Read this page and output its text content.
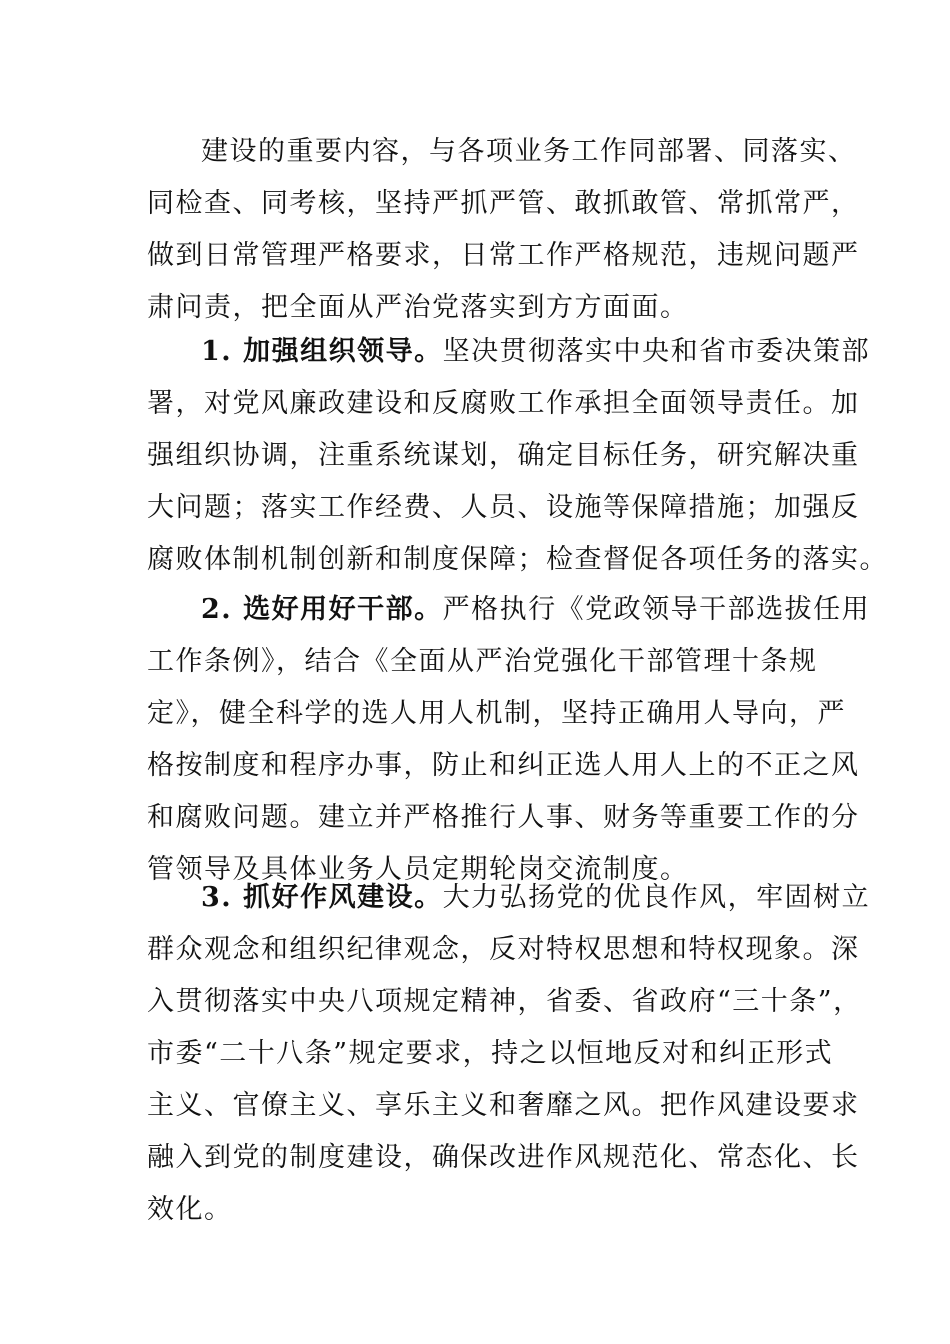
建设的重要内容，与各项业务工作同部署、同落实、
同检查、同考核，坚持严抓严管、敢抓敢管、常抓常严，
做到日常管理严格要求，日常工作严格规范，违规问题严
肃问责，把全面从严治党落实到方方面面。
1. 加强组织领导。坚决贯彻落实中央和省市委决策部
署，对党风廉政建设和反腐败工作承担全面领导责任。加
强组织协调，注重系统谋划，确定目标任务，研究解决重
大问题；落实工作经费、人员、设施等保障措施；加强反
腐败体制机制创新和制度保障；检查督促各项任务的落实。
2. 选好用好干部。严格执行《党政领导干部选拔任用
工作条例》，结合《全面从严治党强化干部管理十条规
定》，健全科学的选人用人机制，坚持正确用人导向，严
格按制度和程序办事，防止和纠正选人用人上的不正之风
和腐败问题。建立并严格推行人事、财务等重要工作的分
管领导及具体业务人员定期轮岗交流制度。
3. 抓好作风建设。大力弘扬党的优良作风，牢固树立
群众观念和组织纪律观念，反对特权思想和特权现象。深
入贯彻落实中央八项规定精神，省委、省政府“三十条”，
市委“二十八条”规定要求，持之以恒地反对和纠正形式
主义、官僚主义、享乐主义和奢靡之风。把作风建设要求
融入到党的制度建设，确保改进作风规范化、常态化、长
效化。
